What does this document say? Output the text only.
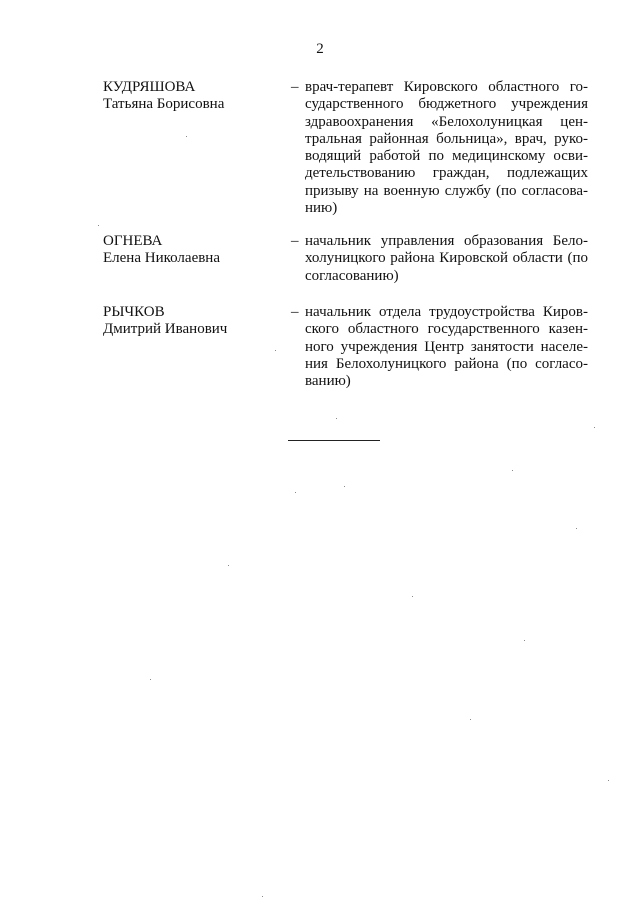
2
КУДРЯШОВА
Татьяна Борисовна
– врач-терапевт Кировского областного го-
сударственного бюджетного учреждения
здравоохранения «Белохолуницкая цен-
тральная районная больница», врач, руко-
водящий работой по медицинскому осви-
детельствованию граждан, подлежащих
призыву на военную службу (по согласова-
нию)
ОГНЕВА
Елена Николаевна
– начальник управления образования Бело-
холуницкого района Кировской области (по
согласованию)
РЫЧКОВ
Дмитрий Иванович
– начальник отдела трудоустройства Киров-
ского областного государственного казен-
ного учреждения Центр занятости населе-
ния Белохолуницкого района (по согласо-
ванию)
